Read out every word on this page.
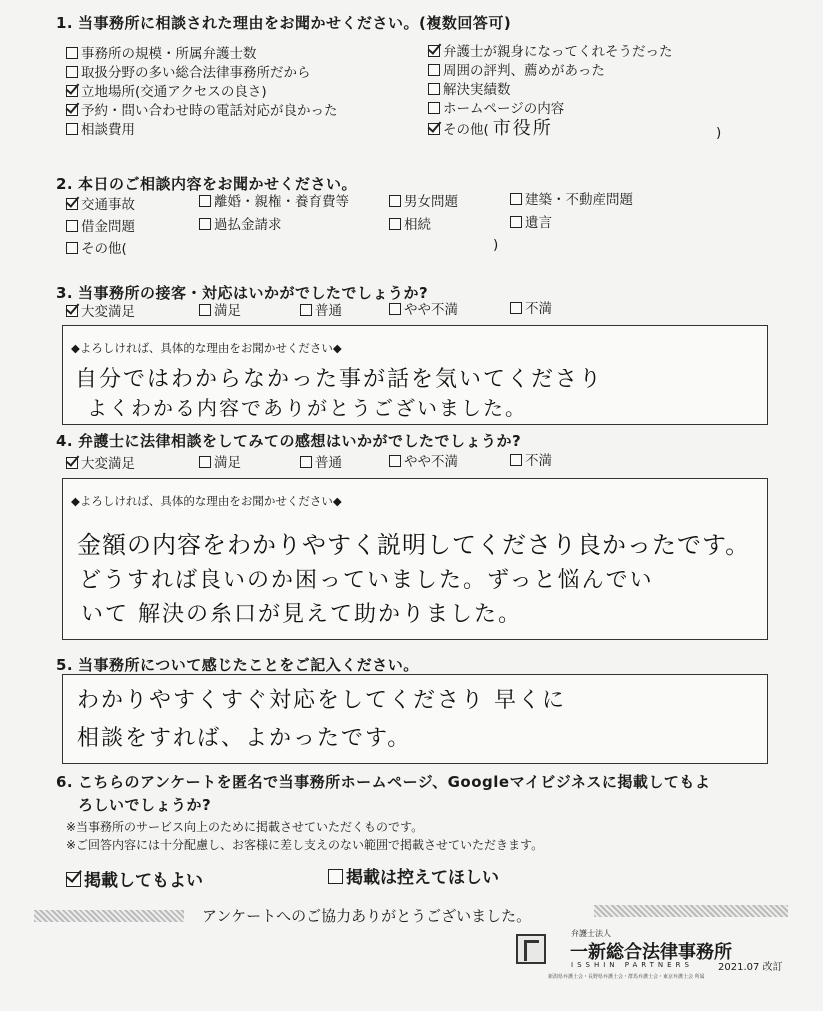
1. 当事務所に相談された理由をお聞かせください。(複数回答可)
事務所の規模・所属弁護士数
取扱分野の多い総合法律事務所だから
立地場所(交通アクセスの良さ)
予約・問い合わせ時の電話対応が良かった
相談費用
弁護士が親身になってくれそうだった
周囲の評判、薦めがあった
解決実績数
ホームページの内容
その他( 市役所	)
2. 本日のご相談内容をお聞かせください。
交通事故	離婚・親権・養育費等	男女問題	建築・不動産問題
借金問題	過払金請求	相続	遺言
その他(	)
3. 当事務所の接客・対応はいかがでしたでしょうか?
大変満足	満足	普通	やや不満	不満
◆よろしければ、具体的な理由をお聞かせください◆
自分ではわからなかった事が話を気いてくださり
よくわかる内容でありがとうございました。
4. 弁護士に法律相談をしてみての感想はいかがでしたでしょうか?
大変満足	満足	普通	やや不満	不満
◆よろしければ、具体的な理由をお聞かせください◆
金額の内容をわかりやすく説明してくださり良かったです。
どうすれば良いのか困っていました。ずっと悩んでい
いて 解決の糸口が見えて助かりました。
5. 当事務所について感じたことをご記入ください。
わかりやすくすぐ対応をしてくださり 早くに
相談をすれば、よかったです。
6. こちらのアンケートを匿名で当事務所ホームページ、Googleマイビジネスに掲載してもよ
ろしいでしょうか?
※当事務所のサービス向上のために掲載させていただくものです。
※ご回答内容には十分配慮し、お客様に差し支えのない範囲で掲載させていただきます。
掲載してもよい	掲載は控えてほしい
アンケートへのご協力ありがとうございました。
弁護士法人
一新総合法律事務所
ISSHIN PARTNERS
新潟県弁護士会・長野県弁護士会・群馬弁護士会・東京弁護士会 所属
2021.07 改訂
